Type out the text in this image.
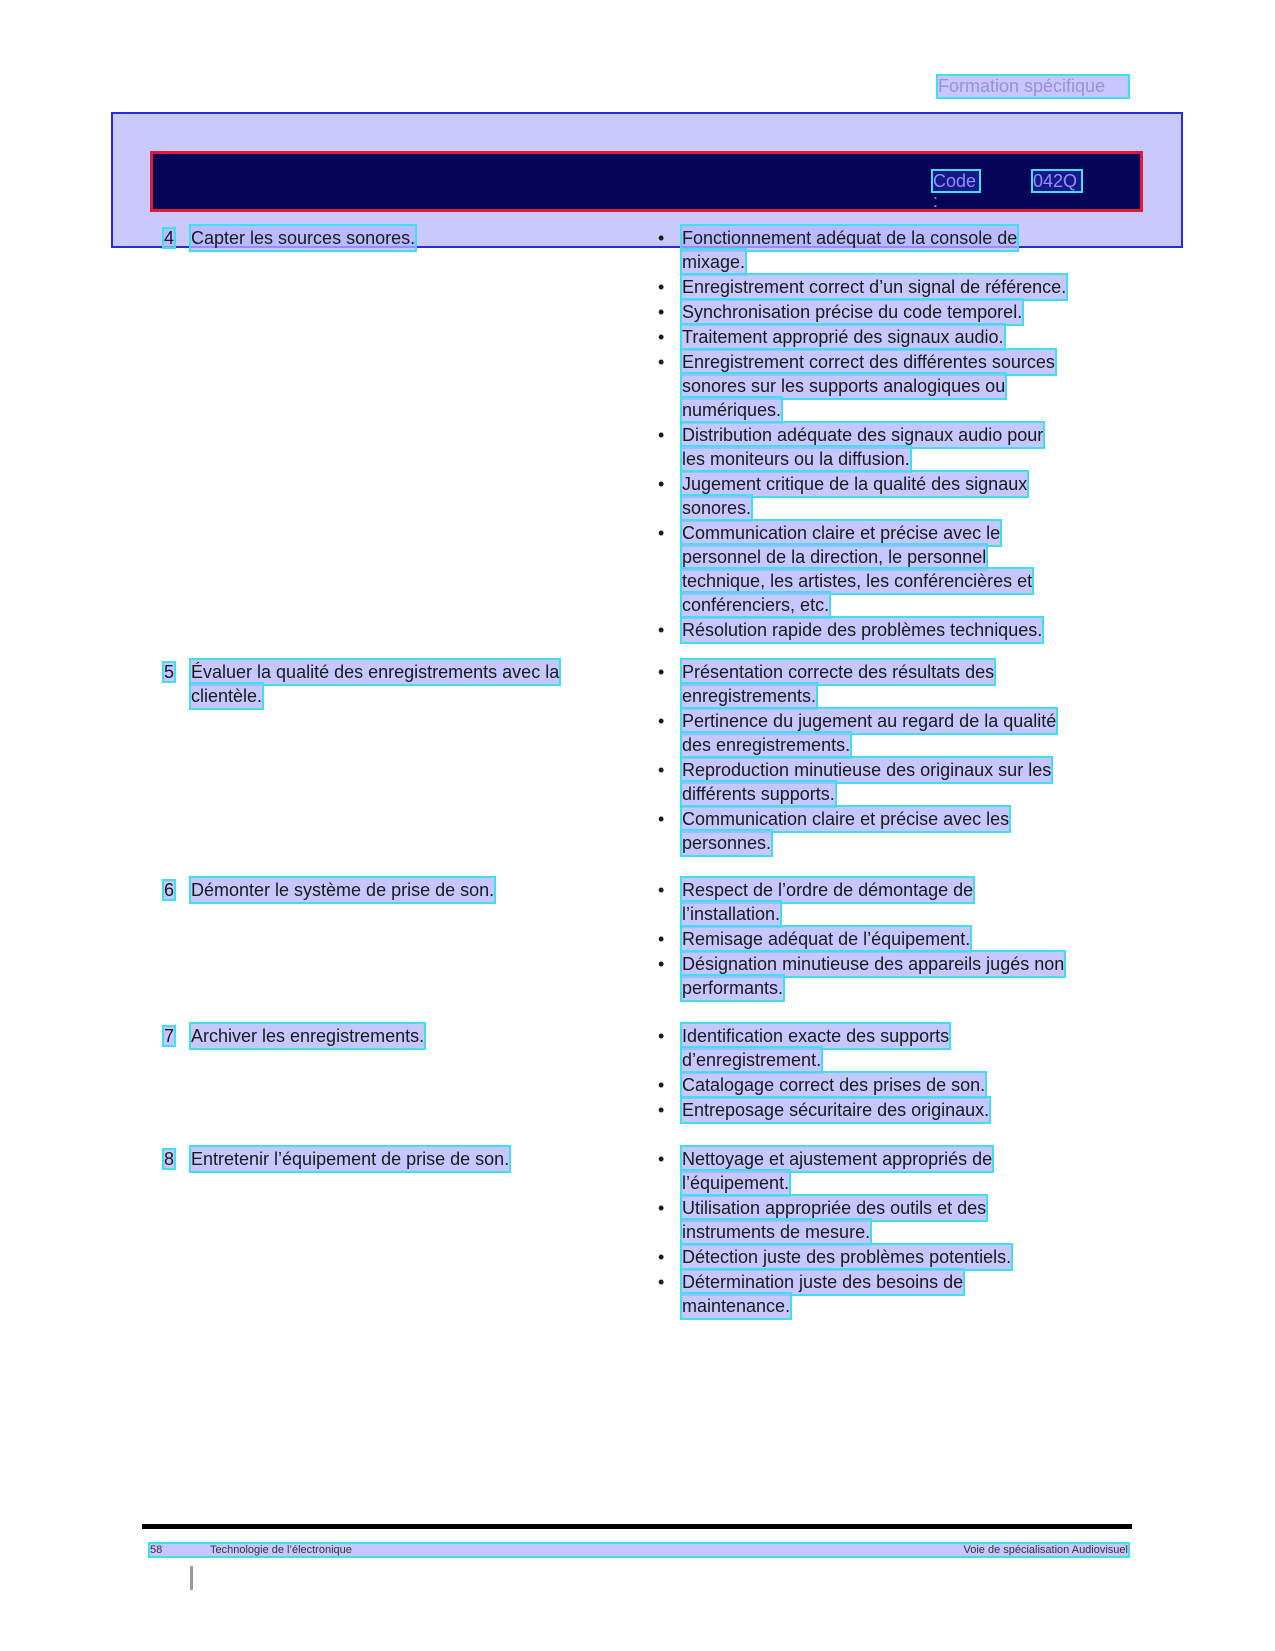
Formation spécifique
Code :
042Q
4 Capter les sources sonores.	• Fonctionnement adéquat de la console de
mixage.
• Enregistrement correct d’un signal de référence.
• Synchronisation précise du code temporel.
• Traitement approprié des signaux audio.
• Enregistrement correct des différentes sources
sonores sur les supports analogiques ou
numériques.
• Distribution adéquate des signaux audio pour
les moniteurs ou la diffusion.
• Jugement critique de la qualité des signaux
sonores.
• Communication claire et précise avec le
personnel de la direction, le personnel
technique, les artistes, les conférencières et
conférenciers, etc.
• Résolution rapide des problèmes techniques.
5 Évaluer la qualité des enregistrements avec la
clientèle.
• Présentation correcte des résultats des
enregistrements.
• Pertinence du jugement au regard de la qualité
des enregistrements.
• Reproduction minutieuse des originaux sur les
différents supports.
• Communication claire et précise avec les
personnes.
6 Démonter le système de prise de son.	• Respect de l’ordre de démontage de
l’installation.
• Remisage adéquat de l’équipement.
• Désignation minutieuse des appareils jugés non
performants.
7 Archiver les enregistrements.	• Identification exacte des supports
d’enregistrement.
• Catalogage correct des prises de son.
• Entreposage sécuritaire des originaux.
8 Entretenir l’équipement de prise de son.	• Nettoyage et ajustement appropriés de
l’équipement.
• Utilisation appropriée des outils et des
instruments de mesure.
• Détection juste des problèmes potentiels.
• Détermination juste des besoins de
maintenance.
58	Technologie de l’électronique	Voie de spécialisation Audiovisuel
